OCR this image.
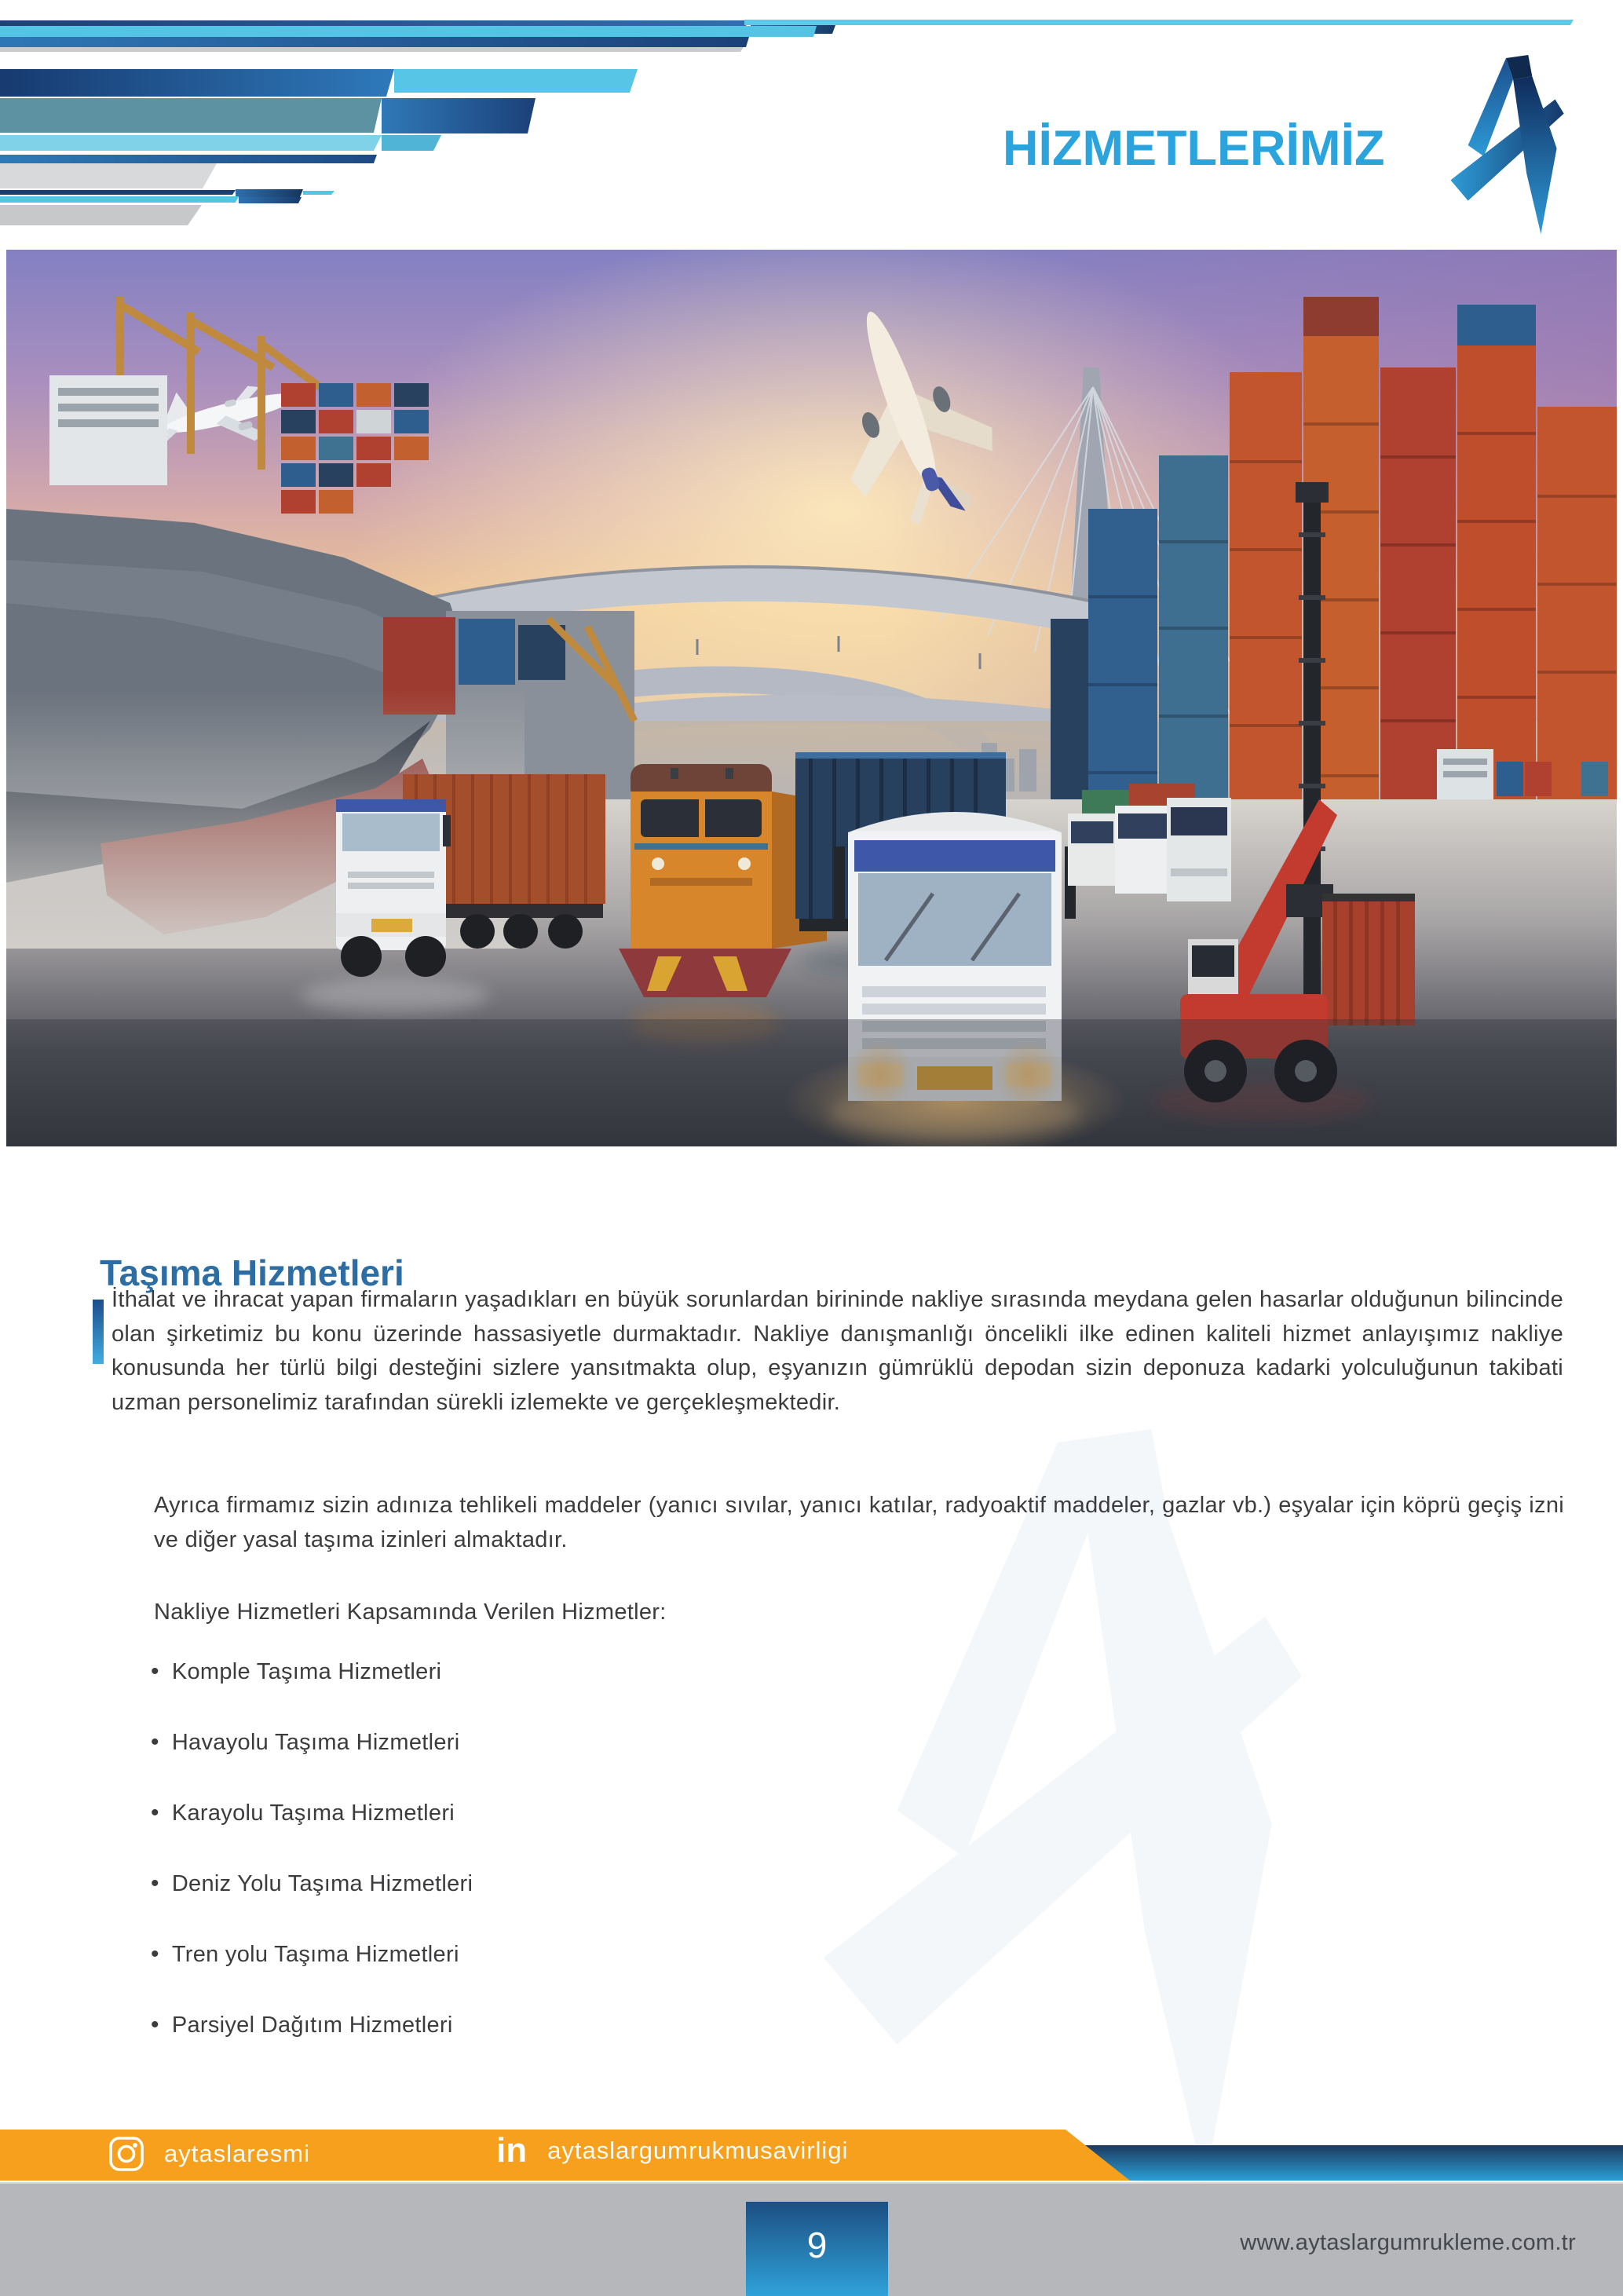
HİZMETLERİMİZ
Taşıma Hizmetleri

İthalat ve ihracat yapan firmaların yaşadıkları en büyük sorunlardan birininde nakliye sırasında meydana gelen hasarlar olduğunun bilincinde olan şirketimiz bu konu üzerinde hassasiyetle durmaktadır. Nakliye danışmanlığı öncelikli ilke edinen kaliteli hizmet anlayışımız nakliye konusunda her türlü bilgi desteğini sizlere yansıtmakta olup, eşyanızın gümrüklü depodan sizin deponuza kadarki yolculuğunun takibati uzman personelimiz tarafından sürekli izlemekte ve gerçekleşmektedir.

Ayrıca firmamız sizin adınıza tehlikeli maddeler (yanıcı sıvılar, yanıcı katılar, radyoaktif maddeler, gazlar vb.) eşyalar için köprü geçiş izni ve diğer yasal taşıma izinleri almaktadır.

Nakliye Hizmetleri Kapsamında Verilen Hizmetler:

• Komple Taşıma Hizmetleri
• Havayolu Taşıma Hizmetleri
• Karayolu Taşıma Hizmetleri
• Deniz Yolu Taşıma Hizmetleri
• Tren yolu Taşıma Hizmetleri
• Parsiyel Dağıtım Hizmetleri
aytaslaresmi	in aytaslargumrukmusavirligi
9	www.aytaslargumrukleme.com.tr
